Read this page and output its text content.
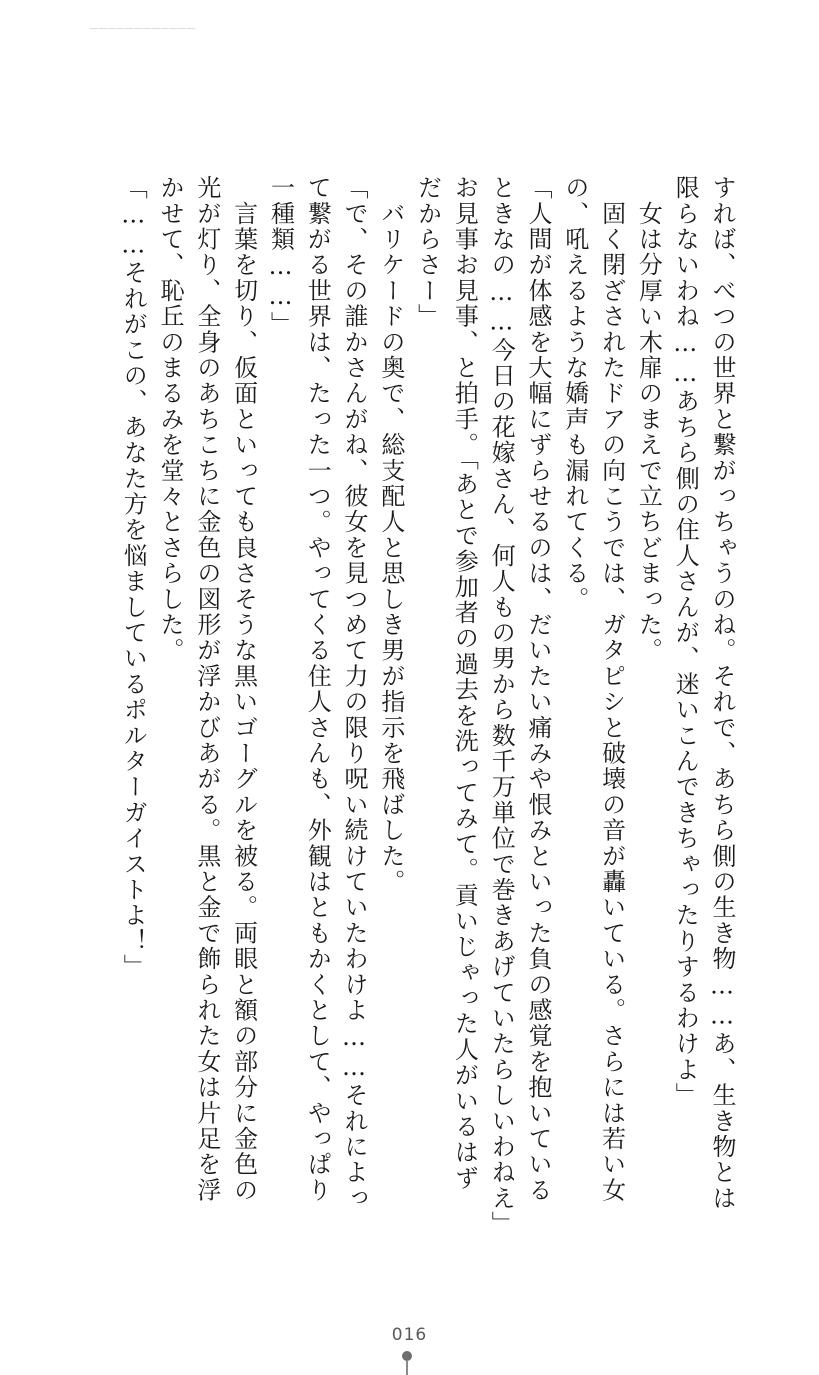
────────────
すれば、べつの世界と繋がっちゃうのね。それで、あちら側の生き物……あ、生き物とは
限らないわね……あちら側の住人さんが、迷いこんできちゃったりするわけよ」
　女は分厚い木扉のまえで立ちどまった。
　固く閉ざされたドアの向こうでは、ガタピシと破壊の音が轟いている。さらには若い女
の、吼えるような嬌声も漏れてくる。
「人間が体感を大幅にずらせるのは、だいたい痛みや恨みといった負の感覚を抱いている
ときなの……今日の花嫁さん、何人もの男から数千万単位で巻きあげていたらしいわねえ」
お見事お見事、と拍手。「あとで参加者の過去を洗ってみて。貢いじゃった人がいるはず
だからさー」
　バリケードの奥で、総支配人と思しき男が指示を飛ばした。
「で、その誰かさんがね、彼女を見つめて力の限り呪い続けていたわけよ……それによっ
て繋がる世界は、たった一つ。やってくる住人さんも、外観はともかくとして、やっぱり
一種類……」
　言葉を切り、仮面といっても良さそうな黒いゴーグルを被る。両眼と額の部分に金色の
光が灯り、全身のあちこちに金色の図形が浮かびあがる。黒と金で飾られた女は片足を浮
かせて、恥丘のまるみを堂々とさらした。
「……それがこの、あなた方を悩ましているポルターガイストよ！」
016
